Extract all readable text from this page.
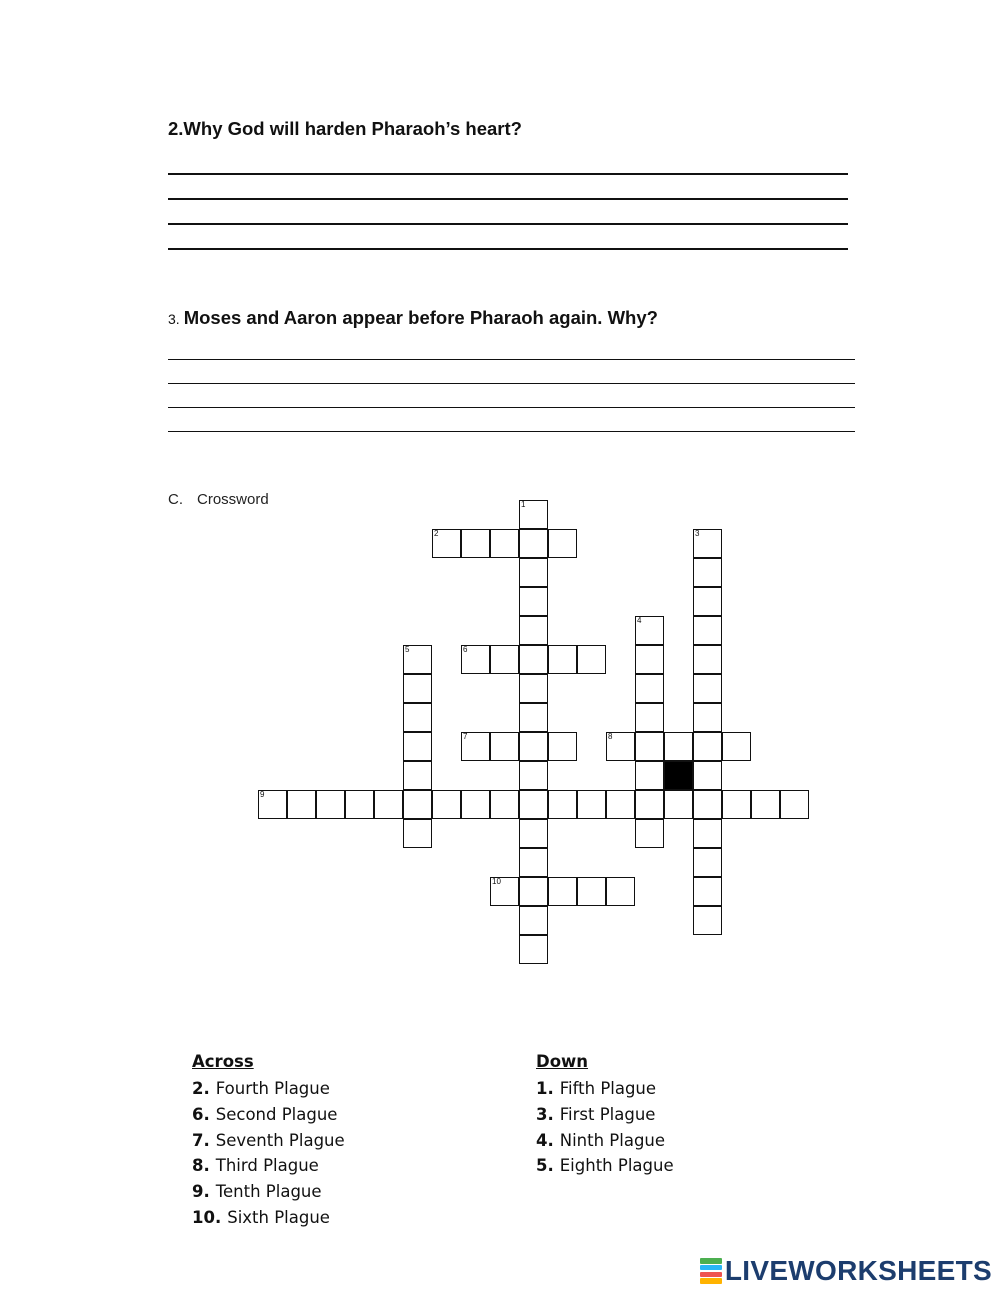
2.Why God will harden Pharaoh’s heart?
3. Moses and Aaron appear before Pharaoh again. Why?
C. Crossword	1
2	3
4
5	6
7	8
9
10
Across
2. Fourth Plague
6. Second Plague
7. Seventh Plague
8. Third Plague
9. Tenth Plague
10. Sixth Plague
Down
1. Fifth Plague
3. First Plague
4. Ninth Plague
5. Eighth Plague
LIVEWORKSHEETS
